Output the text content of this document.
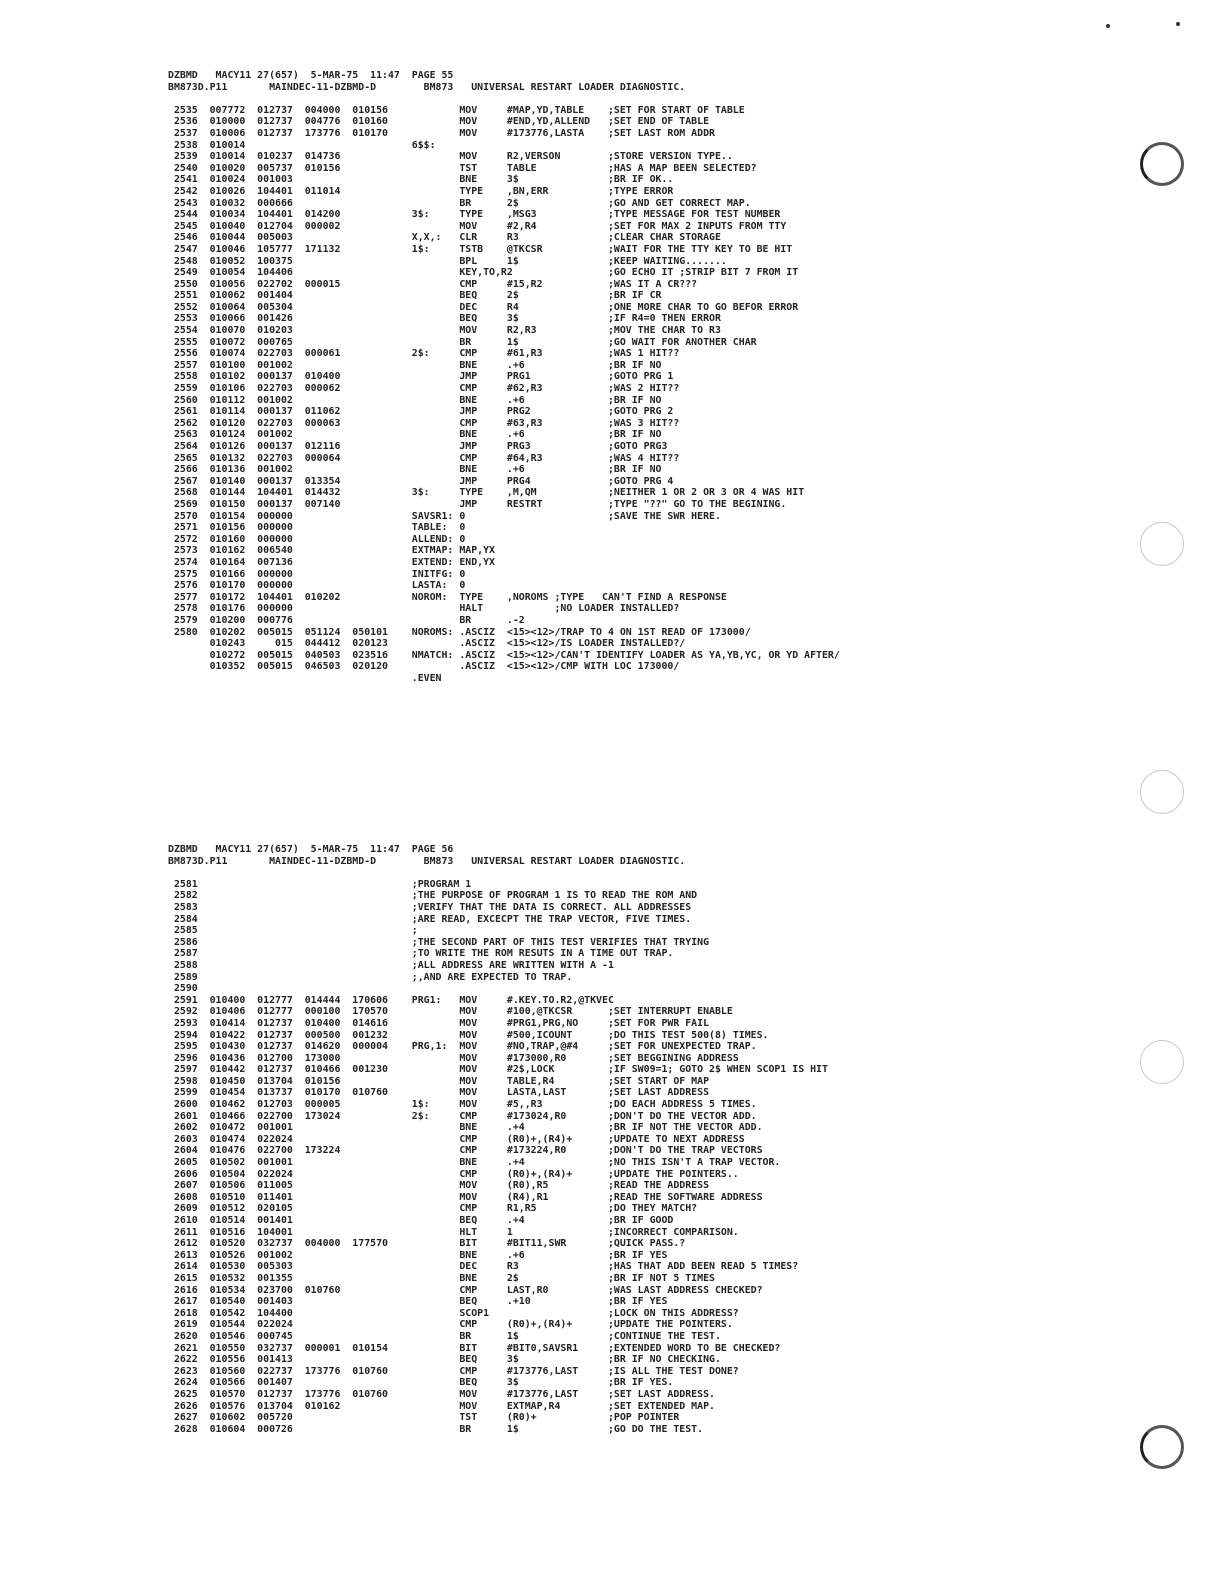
DZBMD   MACY11 27(657)  5-MAR-75  11:47  PAGE 55
BM873D.P11       MAINDEC-11-DZBMD-D        BM873   UNIVERSAL RESTART LOADER DIAGNOSTIC.
2535  007772  012737  004000  010156            MOV     #MAP,YD,TABLE    ;SET FOR START OF TABLE
2536  010000  012737  004776  010160            MOV     #END,YD,ALLEND   ;SET END OF TABLE
2537  010006  012737  173776  010170            MOV     #173776,LASTA    ;SET LAST ROM ADDR
2538  010014                            6$$:
2539  010014  010237  014736                    MOV     R2,VERSON        ;STORE VERSION TYPE..
2540  010020  005737  010156                    TST     TABLE            ;HAS A MAP BEEN SELECTED?
2541  010024  001003                            BNE     3$               ;BR IF OK..
2542  010026  104401  011014                    TYPE    ,BN,ERR          ;TYPE ERROR
2543  010032  000666                            BR      2$               ;GO AND GET CORRECT MAP.
2544  010034  104401  014200            3$:     TYPE    ,MSG3            ;TYPE MESSAGE FOR TEST NUMBER
2545  010040  012704  000002                    MOV     #2,R4            ;SET FOR MAX 2 INPUTS FROM TTY
2546  010044  005003                    X,X,:   CLR     R3               ;CLEAR CHAR STORAGE
2547  010046  105777  171132            1$:     TSTB    @TKCSR           ;WAIT FOR THE TTY KEY TO BE HIT
2548  010052  100375                            BPL     1$               ;KEEP WAITING.......
2549  010054  104406                            KEY,TO,R2                ;GO ECHO IT ;STRIP BIT 7 FROM IT
2550  010056  022702  000015                    CMP     #15,R2           ;WAS IT A CR???
2551  010062  001404                            BEQ     2$               ;BR IF CR
2552  010064  005304                            DEC     R4               ;ONE MORE CHAR TO GO BEFOR ERROR
2553  010066  001426                            BEQ     3$               ;IF R4=0 THEN ERROR
2554  010070  010203                            MOV     R2,R3            ;MOV THE CHAR TO R3
2555  010072  000765                            BR      1$               ;GO WAIT FOR ANOTHER CHAR
2556  010074  022703  000061            2$:     CMP     #61,R3           ;WAS 1 HIT??
2557  010100  001002                            BNE     .+6              ;BR IF NO
2558  010102  000137  010400                    JMP     PRG1             ;GOTO PRG 1
2559  010106  022703  000062                    CMP     #62,R3           ;WAS 2 HIT??
2560  010112  001002                            BNE     .+6              ;BR IF NO
2561  010114  000137  011062                    JMP     PRG2             ;GOTO PRG 2
2562  010120  022703  000063                    CMP     #63,R3           ;WAS 3 HIT??
2563  010124  001002                            BNE     .+6              ;BR IF NO
2564  010126  000137  012116                    JMP     PRG3             ;GOTO PRG3
2565  010132  022703  000064                    CMP     #64,R3           ;WAS 4 HIT??
2566  010136  001002                            BNE     .+6              ;BR IF NO
2567  010140  000137  013354                    JMP     PRG4             ;GOTO PRG 4
2568  010144  104401  014432            3$:     TYPE    ,M,QM            ;NEITHER 1 OR 2 OR 3 OR 4 WAS HIT
2569  010150  000137  007140                    JMP     RESTRT           ;TYPE "??" GO TO THE BEGINING.
2570  010154  000000                    SAVSR1: 0                        ;SAVE THE SWR HERE.
2571  010156  000000                    TABLE:  0
2572  010160  000000                    ALLEND: 0
2573  010162  006540                    EXTMAP: MAP,YX
2574  010164  007136                    EXTEND: END,YX
2575  010166  000000                    INITFG: 0
2576  010170  000000                    LASTA:  0
2577  010172  104401  010202            NOROM:  TYPE    ,NOROMS ;TYPE   CAN'T FIND A RESPONSE
2578  010176  000000                            HALT            ;NO LOADER INSTALLED?
2579  010200  000776                            BR      .-2
2580  010202  005015  051124  050101    NOROMS: .ASCIZ  <15><12>/TRAP TO 4 ON 1ST READ OF 173000/
010243     015  044412  020123            .ASCIZ  <15><12>/IS LOADER INSTALLED?/
010272  005015  040503  023516    NMATCH: .ASCIZ  <15><12>/CAN'T IDENTIFY LOADER AS YA,YB,YC, OR YD AFTER/
010352  005015  046503  020120            .ASCIZ  <15><12>/CMP WITH LOC 173000/
.EVEN
DZBMD   MACY11 27(657)  5-MAR-75  11:47  PAGE 56
BM873D.P11       MAINDEC-11-DZBMD-D        BM873   UNIVERSAL RESTART LOADER DIAGNOSTIC.
2581                                    ;PROGRAM 1
2582                                    ;THE PURPOSE OF PROGRAM 1 IS TO READ THE ROM AND
2583                                    ;VERIFY THAT THE DATA IS CORRECT. ALL ADDRESSES
2584                                    ;ARE READ, EXCECPT THE TRAP VECTOR, FIVE TIMES.
2585                                    ;
2586                                    ;THE SECOND PART OF THIS TEST VERIFIES THAT TRYING
2587                                    ;TO WRITE THE ROM RESUTS IN A TIME OUT TRAP.
2588                                    ;ALL ADDRESS ARE WRITTEN WITH A -1
2589                                    ;,AND ARE EXPECTED TO TRAP.
2590
2591  010400  012777  014444  170606    PRG1:   MOV     #.KEY.TO.R2,@TKVEC
2592  010406  012777  000100  170570            MOV     #100,@TKCSR      ;SET INTERRUPT ENABLE
2593  010414  012737  010400  014616            MOV     #PRG1,PRG,NO     ;SET FOR PWR FAIL
2594  010422  012737  000500  001232            MOV     #500,ICOUNT      ;DO THIS TEST 500(8) TIMES.
2595  010430  012737  014620  000004    PRG,1:  MOV     #NO,TRAP,@#4     ;SET FOR UNEXPECTED TRAP.
2596  010436  012700  173000                    MOV     #173000,R0       ;SET BEGGINING ADDRESS
2597  010442  012737  010466  001230            MOV     #2$,LOCK         ;IF SW09=1; GOTO 2$ WHEN SCOP1 IS HIT
2598  010450  013704  010156                    MOV     TABLE,R4         ;SET START OF MAP
2599  010454  013737  010170  010760            MOV     LASTA,LAST       ;SET LAST ADDRESS
2600  010462  012703  000005            1$:     MOV     #5,,R3           ;DO EACH ADDRESS 5 TIMES.
2601  010466  022700  173024            2$:     CMP     #173024,R0       ;DON'T DO THE VECTOR ADD.
2602  010472  001001                            BNE     .+4              ;BR IF NOT THE VECTOR ADD.
2603  010474  022024                            CMP     (R0)+,(R4)+      ;UPDATE TO NEXT ADDRESS
2604  010476  022700  173224                    CMP     #173224,R0       ;DON'T DO THE TRAP VECTORS
2605  010502  001001                            BNE     .+4              ;NO THIS ISN'T A TRAP VECTOR.
2606  010504  022024                            CMP     (R0)+,(R4)+      ;UPDATE THE POINTERS..
2607  010506  011005                            MOV     (R0),R5          ;READ THE ADDRESS
2608  010510  011401                            MOV     (R4),R1          ;READ THE SOFTWARE ADDRESS
2609  010512  020105                            CMP     R1,R5            ;DO THEY MATCH?
2610  010514  001401                            BEQ     .+4              ;BR IF GOOD
2611  010516  104001                            HLT     1                ;INCORRECT COMPARISON.
2612  010520  032737  004000  177570            BIT     #BIT11,SWR       ;QUICK PASS.?
2613  010526  001002                            BNE     .+6              ;BR IF YES
2614  010530  005303                            DEC     R3               ;HAS THAT ADD BEEN READ 5 TIMES?
2615  010532  001355                            BNE     2$               ;BR IF NOT 5 TIMES
2616  010534  023700  010760                    CMP     LAST,R0          ;WAS LAST ADDRESS CHECKED?
2617  010540  001403                            BEQ     .+10             ;BR IF YES
2618  010542  104400                            SCOP1                    ;LOCK ON THIS ADDRESS?
2619  010544  022024                            CMP     (R0)+,(R4)+      ;UPDATE THE POINTERS.
2620  010546  000745                            BR      1$               ;CONTINUE THE TEST.
2621  010550  032737  000001  010154            BIT     #BIT0,SAVSR1     ;EXTENDED WORD TO BE CHECKED?
2622  010556  001413                            BEQ     3$               ;BR IF NO CHECKING.
2623  010560  022737  173776  010760            CMP     #173776,LAST     ;IS ALL THE TEST DONE?
2624  010566  001407                            BEQ     3$               ;BR IF YES.
2625  010570  012737  173776  010760            MOV     #173776,LAST     ;SET LAST ADDRESS.
2626  010576  013704  010162                    MOV     EXTMAP,R4        ;SET EXTENDED MAP.
2627  010602  005720                            TST     (R0)+            ;POP POINTER
2628  010604  000726                            BR      1$               ;GO DO THE TEST.
